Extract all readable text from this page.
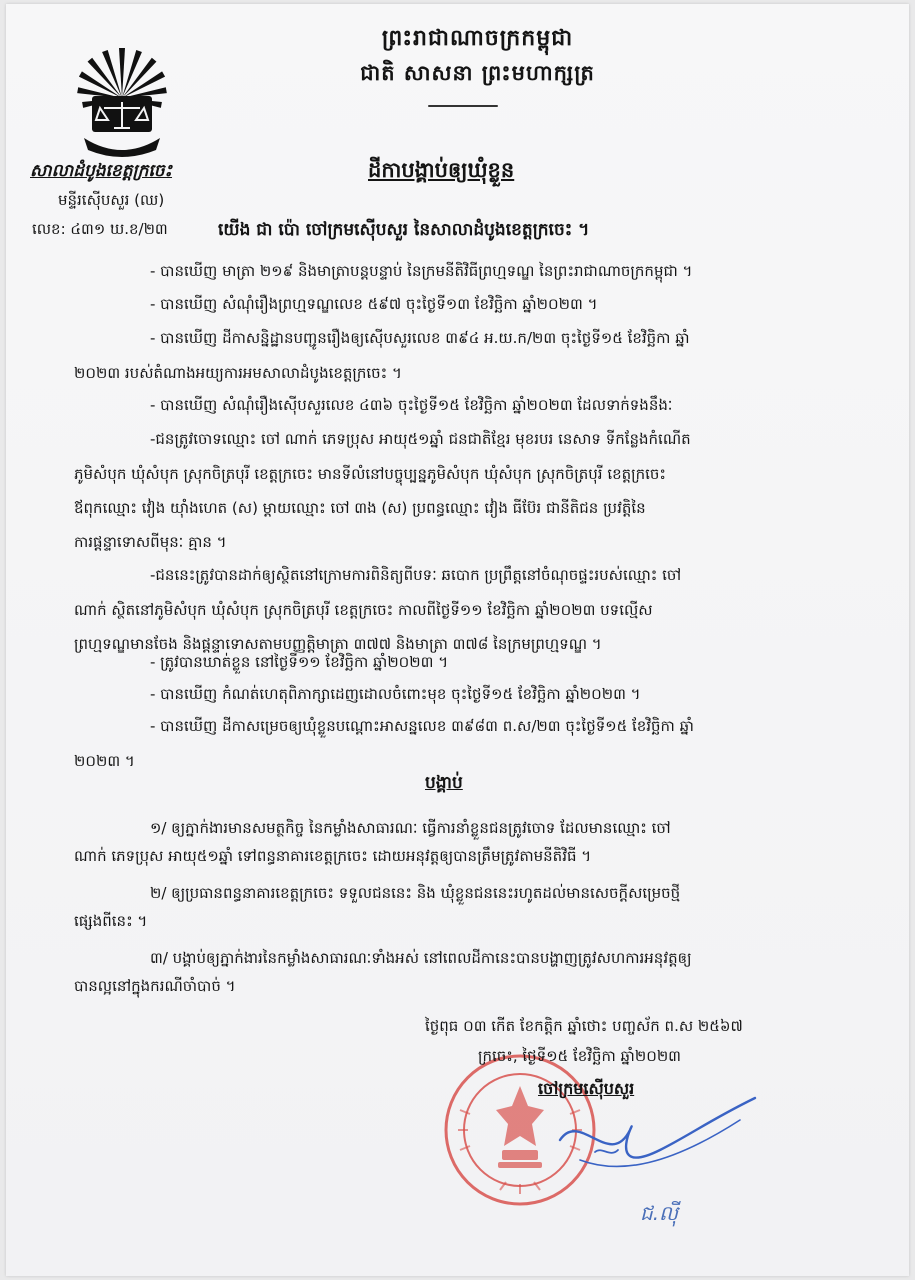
ព្រះរាជាណាចក្រកម្ពុជា
ជាតិ សាសនា ព្រះមហាក្សត្រ
សាលាដំបូងខេត្តក្រចេះ
មន្ទីរស៊ើបសួរ (ឈ)
លេខ: ៤៣១ ឃ.ខ/២៣
ដីកាបង្គាប់ឲ្យឃុំខ្លួន
យើង ជា ប៉ោ ចៅក្រមស៊ើបសួរ នៃសាលាដំបូងខេត្តក្រចេះ ។
- បានឃើញ មាត្រា ២១៩ និងមាត្រាបន្តបន្ទាប់ នៃក្រមនីតិវិធីព្រហ្មទណ្ឌ នៃព្រះរាជាណាចក្រកម្ពុជា ។
- បានឃើញ សំណុំរឿងព្រហ្មទណ្ឌលេខ ៥៩៧ ចុះថ្ងៃទី១៣ ខែវិច្ឆិកា ឆ្នាំ២០២៣ ។
- បានឃើញ ដីកាសន្និដ្ឋានបញ្ជូនរឿងឲ្យស៊ើបសួរលេខ ៣៩៤ អ.យ.ក/២៣ ចុះថ្ងៃទី១៥ ខែវិច្ឆិកា ឆ្នាំ
២០២៣ របស់តំណាងអយ្យការអមសាលាដំបូងខេត្តក្រចេះ ។
- បានឃើញ សំណុំរឿងស៊ើបសួរលេខ ៤៣៦ ចុះថ្ងៃទី១៥ ខែវិច្ឆិកា ឆ្នាំ២០២៣ ដែលទាក់ទងនឹងៈ
-ជនត្រូវចោទឈ្មោះ ចៅ ណាក់ ភេទប្រុស អាយុ៥១ឆ្នាំ ជនជាតិខ្មែរ មុខរបរ នេសាទ ទីកន្លែងកំណើត
ភូមិសំបុក ឃុំសំបុក ស្រុកចិត្របុរី ខេត្តក្រចេះ មានទីលំនៅបច្ចុប្បន្នភូមិសំបុក ឃុំសំបុក ស្រុកចិត្របុរី ខេត្តក្រចេះ
ឪពុកឈ្មោះ វៀង យ៉ាំងហេត (ស) ម្តាយឈ្មោះ ចៅ ៣ង (ស) ប្រពន្ធឈ្មោះ វៀង ធីប៊ែរ ជានីតិជន ប្រវត្តិនៃ
ការផ្តន្ទាទោសពីមុនៈ គ្មាន ។
-ជននេះត្រូវបានដាក់ឲ្យស្ថិតនៅក្រោមការពិនិត្យពីបទៈ ឆបោក ប្រព្រឹត្តនៅចំណុចផ្ទះរបស់ឈ្មោះ ចៅ
ណាក់ ស្ថិតនៅភូមិសំបុក ឃុំសំបុក ស្រុកចិត្របុរី ខេត្តក្រចេះ កាលពីថ្ងៃទី១១ ខែវិច្ឆិកា ឆ្នាំ២០២៣ បទល្មើស
ព្រហ្មទណ្ឌមានចែង និងផ្តន្ទាទោសតាមបញ្ញត្តិមាត្រា ៣៧៧ និងមាត្រា ៣៧៨ នៃក្រមព្រហ្មទណ្ឌ ។
- ត្រូវបានឃាត់ខ្លួន នៅថ្ងៃទី១១ ខែវិច្ឆិកា ឆ្នាំ២០២៣ ។
- បានឃើញ កំណត់ហេតុពិភាក្សាដេញដោលចំពោះមុខ ចុះថ្ងៃទី១៥ ខែវិច្ឆិកា ឆ្នាំ២០២៣ ។
- បានឃើញ ដីកាសម្រេចឲ្យឃុំខ្លួនបណ្តោះអាសន្នលេខ ៣៩៨៣ ព.ស/២៣ ចុះថ្ងៃទី១៥ ខែវិច្ឆិកា ឆ្នាំ
២០២៣ ។
បង្គាប់
១/ ឲ្យភ្នាក់ងារមានសមត្ថកិច្ច នៃកម្លាំងសាធារណៈ ធ្វើការនាំខ្លួនជនត្រូវចោទ ដែលមានឈ្មោះ ចៅ
ណាក់ ភេទប្រុស អាយុ៥១ឆ្នាំ ទៅពន្ធនាគារខេត្តក្រចេះ ដោយអនុវត្តឲ្យបានត្រឹមត្រូវតាមនីតិវិធី ។
២/ ឲ្យប្រធានពន្ធនាគារខេត្តក្រចេះ ទទួលជននេះ និង ឃុំខ្លួនជននេះរហូតដល់មានសេចក្តីសម្រេចថ្មី
ផ្សេងពីនេះ ។
៣/ បង្គាប់ឲ្យភ្នាក់ងារនៃកម្លាំងសាធារណៈទាំងអស់ នៅពេលដីកានេះបានបង្ហាញត្រូវសហការអនុវត្តឲ្យ
បានល្អនៅក្នុងករណីចាំបាច់ ។
ថ្ងៃពុធ ០៣ កើត ខែកត្តិក ឆ្នាំថោះ បញ្ចស័ក ព.ស ២៥៦៧
ក្រចេះ, ថ្ងៃទី១៥ ខែវិច្ឆិកា ឆ្នាំ២០២៣
ចៅក្រមស៊ើបសួរ
ជ.ល៉ី
